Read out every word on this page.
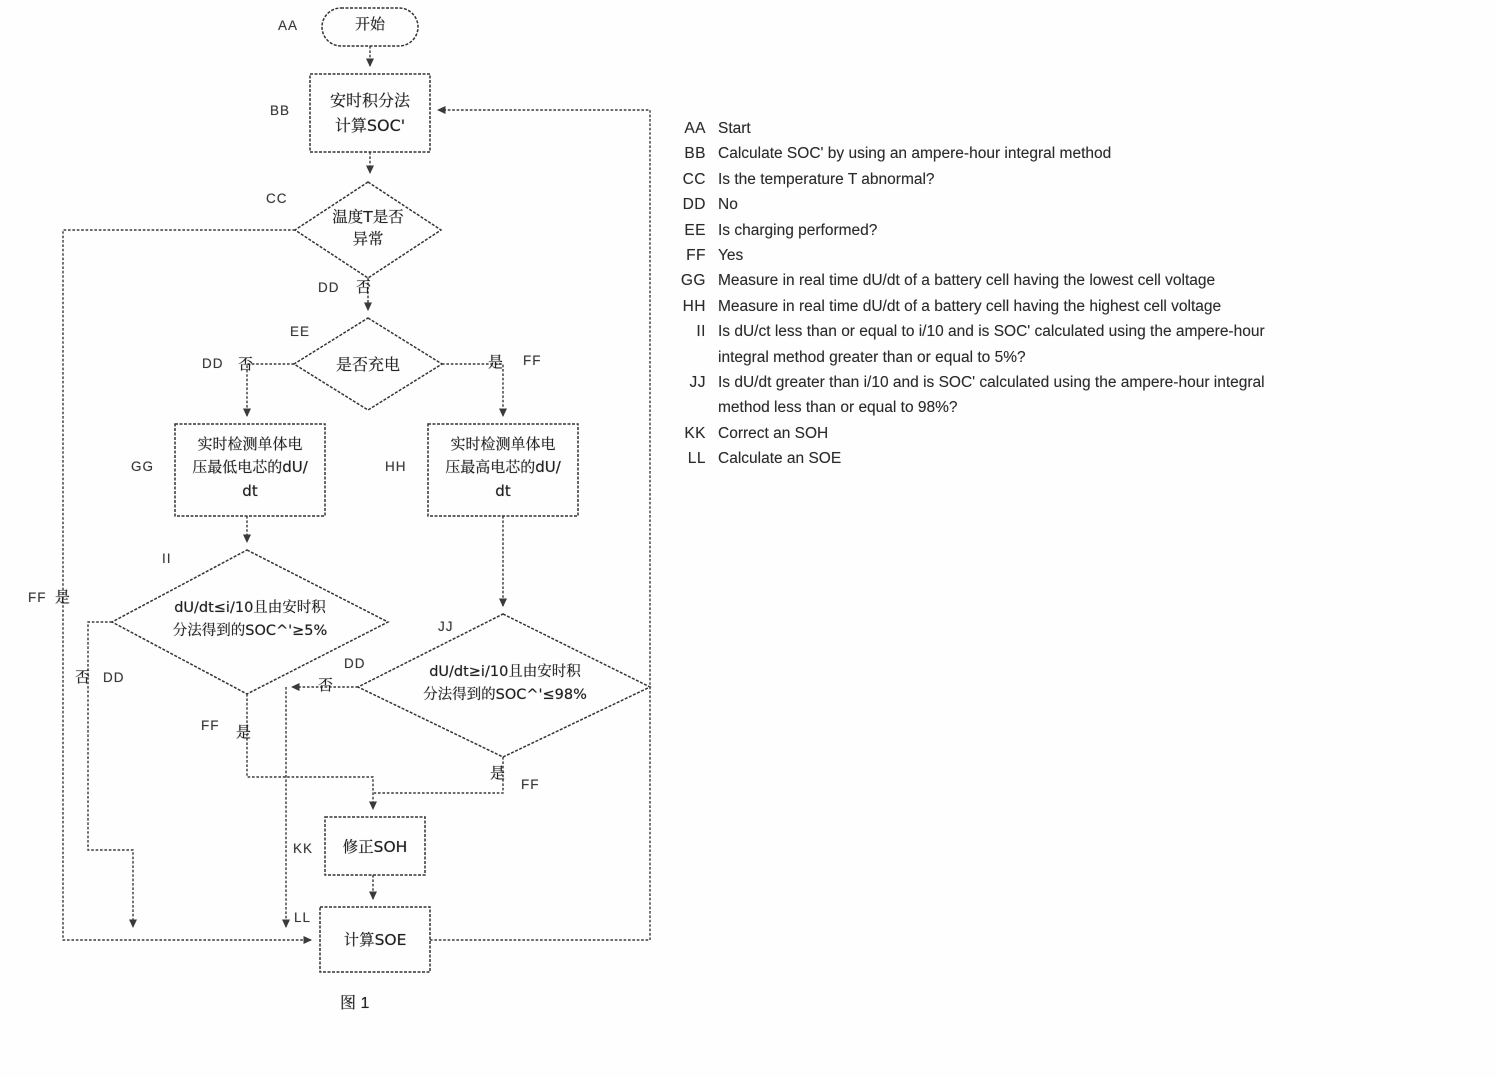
开始
安时积分法
计算SOC'
温度T是否
异常
是否充电
实时检测单体电
压最低电芯的dU/
dt
实时检测单体电
压最高电芯的dU/
dt
dU/dt≤i/10且由安时积
分法得到的SOC^'≥5%
dU/dt≥i/10且由安时积
分法得到的SOC^'≤98%
修正SOH
计算SOE
AA
BB
CC
EE
GG	HH
II
JJ
KK
LL
DD 否
FF 是
DD 否	是 FF
否 DD
FF 是
DD
否
是
FF
图 1
AA Start
BB Calculate SOC' by using an ampere-hour integral method
CC Is the temperature T abnormal?
DD No
EE Is charging performed?
FF Yes
GG Measure in real time dU/dt of a battery cell having the lowest cell voltage
HH Measure in real time dU/dt of a battery cell having the highest cell voltage
II Is dU/ct less than or equal to i/10 and is SOC' calculated using the ampere-hour
integral method greater than or equal to 5%?
JJ Is dU/dt greater than i/10 and is SOC' calculated using the ampere-hour integral
method less than or equal to 98%?
KK Correct an SOH
LL Calculate an SOE
